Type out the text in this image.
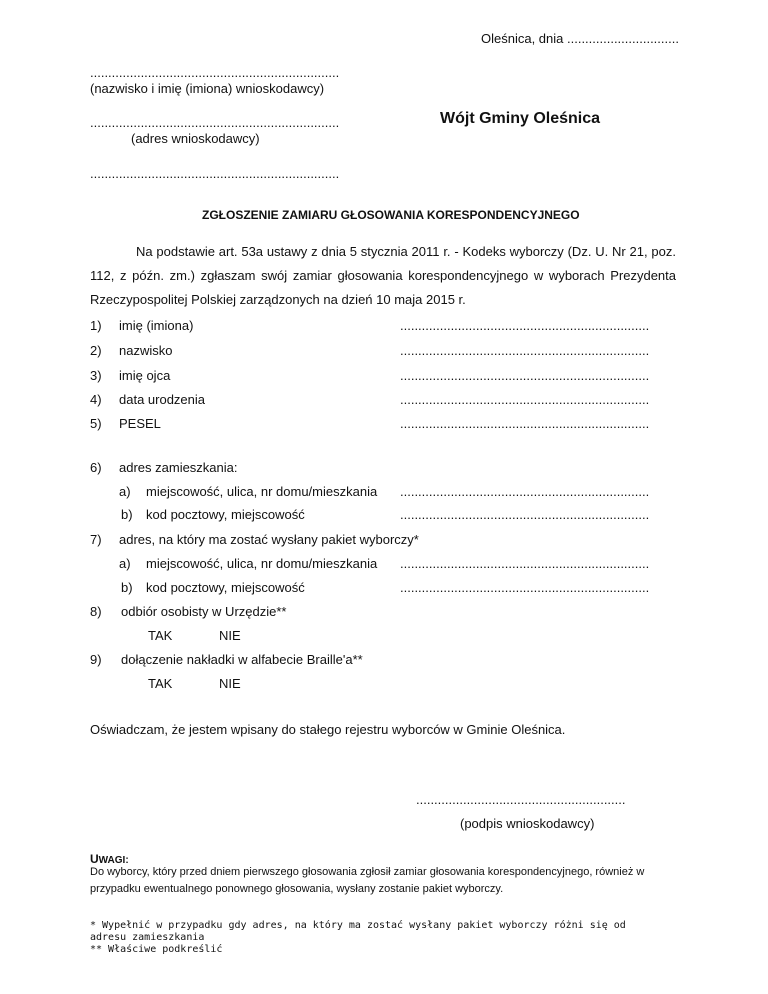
Oleśnica, dnia ...............................
.....................................................................
(nazwisko i imię (imiona) wnioskodawcy)
.....................................................................
(adres wnioskodawcy)
Wójt Gminy Oleśnica
.....................................................................
ZGŁOSZENIE ZAMIARU GŁOSOWANIA KORESPONDENCYJNEGO
Na podstawie art. 53a ustawy z dnia 5 stycznia 2011 r. - Kodeks wyborczy (Dz. U. Nr 21, poz. 112, z późn. zm.) zgłaszam swój zamiar głosowania korespondencyjnego w wyborach Prezydenta Rzeczypospolitej Polskiej zarządzonych na dzień 10 maja 2015 r.
1) imię (imiona)	.....................................................................
2) nazwisko	.....................................................................
3) imię ojca	.....................................................................
4) data urodzenia	.....................................................................
5) PESEL	.....................................................................
6) adres zamieszkania:
a) miejscowość, ulica, nr domu/mieszkania .....................................................................
b) kod pocztowy, miejscowość	.....................................................................
7) adres, na który ma zostać wysłany pakiet wyborczy*
a) miejscowość, ulica, nr domu/mieszkania .....................................................................
b) kod pocztowy, miejscowość	.....................................................................
8) odbiór osobisty w Urzędzie**
TAK	NIE
9) dołączenie nakładki w alfabecie Braille'a**
TAK	NIE
Oświadczam, że jestem wpisany do stałego rejestru wyborców w Gminie Oleśnica.
..........................................................
(podpis wnioskodawcy)
UWAGI:
Do wyborcy, który przed dniem pierwszego głosowania zgłosił zamiar głosowania korespondencyjnego, również w przypadku ewentualnego ponownego głosowania, wysłany zostanie pakiet wyborczy.
* Wypełnić w przypadku gdy adres, na który ma zostać wysłany pakiet wyborczy różni się od adresu zamieszkania
** Właściwe podkreślić
